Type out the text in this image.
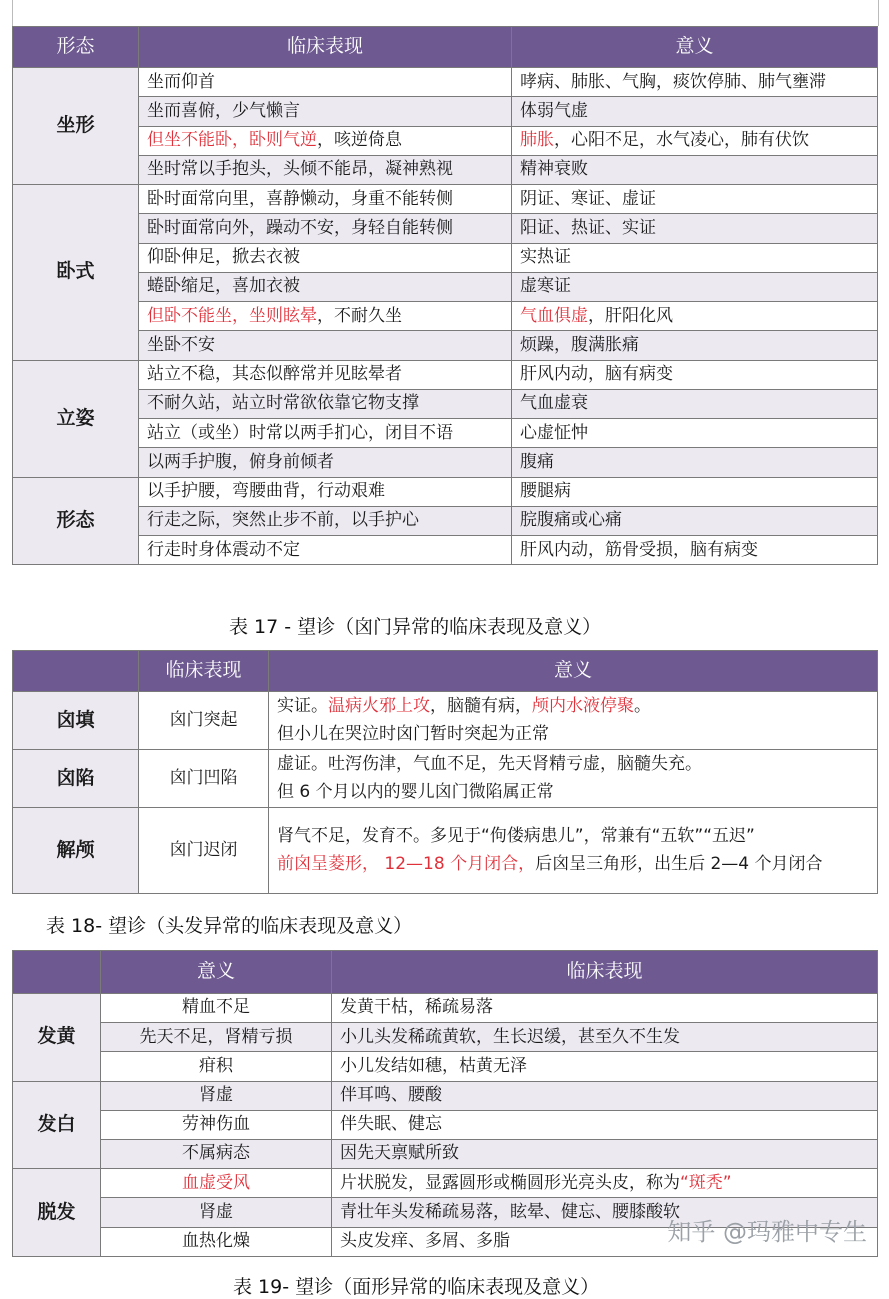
形态	临床表现	意义
坐形	坐而仰首	哮病、肺胀、气胸，痰饮停肺、肺气壅滞
	坐而喜俯，少气懒言	体弱气虚
	但坐不能卧，卧则气逆，咳逆倚息	肺胀，心阳不足，水气凌心，肺有伏饮
	坐时常以手抱头，头倾不能昂，凝神熟视	精神衰败
卧式	卧时面常向里，喜静懒动，身重不能转侧	阴证、寒证、虚证
	卧时面常向外，躁动不安，身轻自能转侧	阳证、热证、实证
	仰卧伸足，掀去衣被	实热证
	蜷卧缩足，喜加衣被	虚寒证
	但卧不能坐，坐则眩晕，不耐久坐	气血俱虚，肝阳化风
	坐卧不安	烦躁，腹满胀痛
立姿	站立不稳，其态似醉常并见眩晕者	肝风内动，脑有病变
	不耐久站，站立时常欲依靠它物支撑	气血虚衰
	站立（或坐）时常以两手扪心，闭目不语	心虚怔忡
	以两手护腹，俯身前倾者	腹痛
形态	以手护腰，弯腰曲背，行动艰难	腰腿病
	行走之际，突然止步不前，以手护心	脘腹痛或心痛
	行走时身体震动不定	肝风内动，筋骨受损，脑有病变
表 17 - 望诊（囟门异常的临床表现及意义）
	临床表现	意义
囟填	囟门突起	实证。温病火邪上攻，脑髓有病，颅内水液停聚。
但小儿在哭泣时囟门暂时突起为正常

囟陷	囟门凹陷	虚证。吐泻伤津，气血不足，先天肾精亏虚，脑髓失充。
但 6 个月以内的婴儿囟门微陷属正常

解颅	囟门迟闭	肾气不足，发育不。多见于“佝偻病患儿”，常兼有“五软”“五迟”
前囟呈菱形， 12—18 个月闭合，后囟呈三角形，出生后 2—4 个月闭合
表 18- 望诊（头发异常的临床表现及意义）
	意义	临床表现
发黄	精血不足	发黄干枯，稀疏易落
	先天不足，肾精亏损	小儿头发稀疏黄软，生长迟缓，甚至久不生发
	疳积	小儿发结如穗，枯黄无泽
发白	肾虚	伴耳鸣、腰酸
	劳神伤血	伴失眠、健忘
	不属病态	因先天禀赋所致
脱发	血虚受风	片状脱发，显露圆形或椭圆形光亮头皮，称为“斑秃”
	肾虚	青壮年头发稀疏易落，眩晕、健忘、腰膝酸软
	血热化燥	头皮发痒、多屑、多脂	知乎 @玛雅中专生
表 19- 望诊（面形异常的临床表现及意义）
